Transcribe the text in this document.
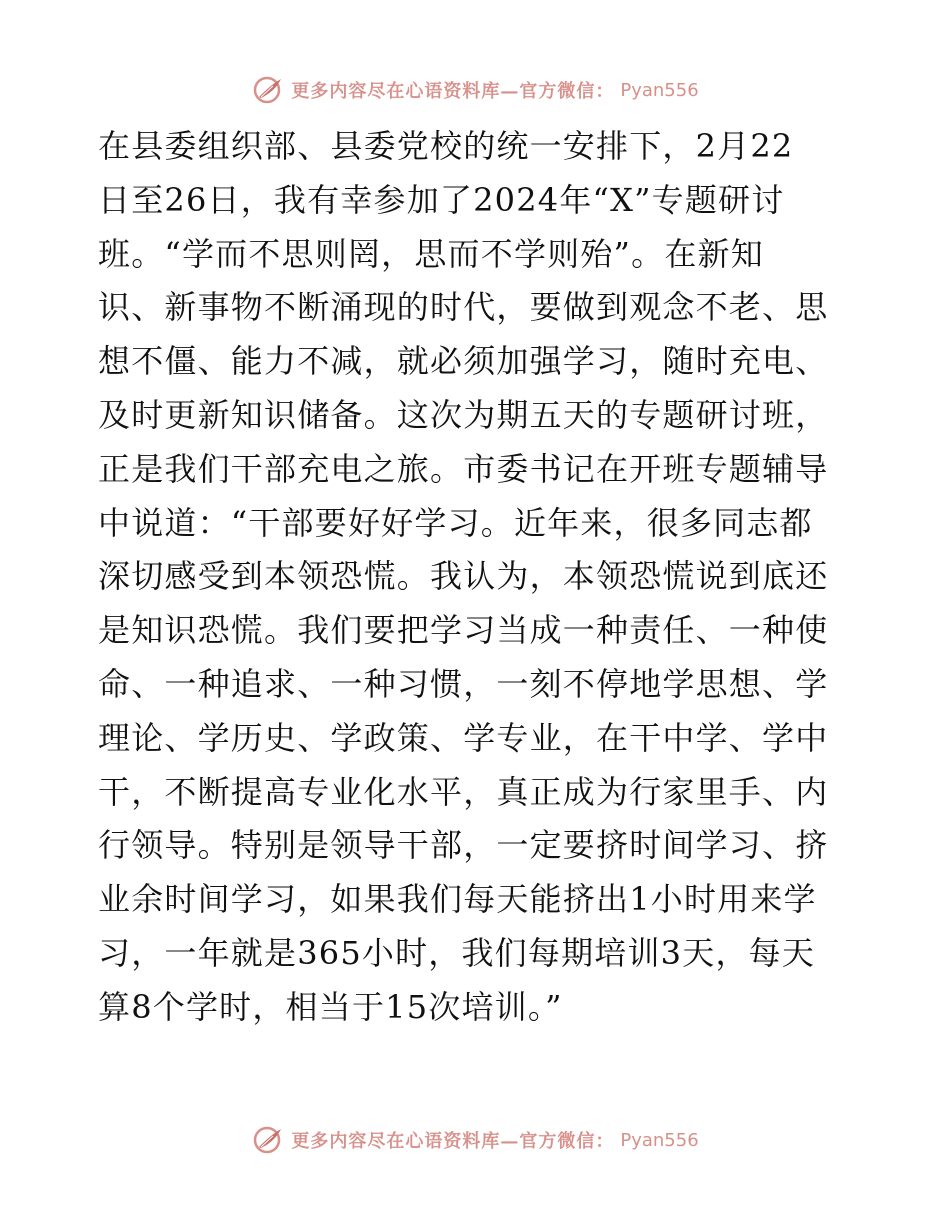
更多内容尽在心语资料库—官方微信： Pyan556
在县委组织部、县委党校的统一安排下，2月22
日至26日，我有幸参加了2024年“X”专题研讨
班。“学而不思则罔，思而不学则殆”。在新知
识、新事物不断涌现的时代，要做到观念不老、思
想不僵、能力不减，就必须加强学习，随时充电、
及时更新知识储备。这次为期五天的专题研讨班，
正是我们干部充电之旅。市委书记在开班专题辅导
中说道：“干部要好好学习。近年来，很多同志都
深切感受到本领恐慌。我认为，本领恐慌说到底还
是知识恐慌。我们要把学习当成一种责任、一种使
命、一种追求、一种习惯，一刻不停地学思想、学
理论、学历史、学政策、学专业，在干中学、学中
干，不断提高专业化水平，真正成为行家里手、内
行领导。特别是领导干部，一定要挤时间学习、挤
业余时间学习，如果我们每天能挤出1小时用来学
习，一年就是365小时，我们每期培训3天，每天
算8个学时，相当于15次培训。”
更多内容尽在心语资料库—官方微信： Pyan556
